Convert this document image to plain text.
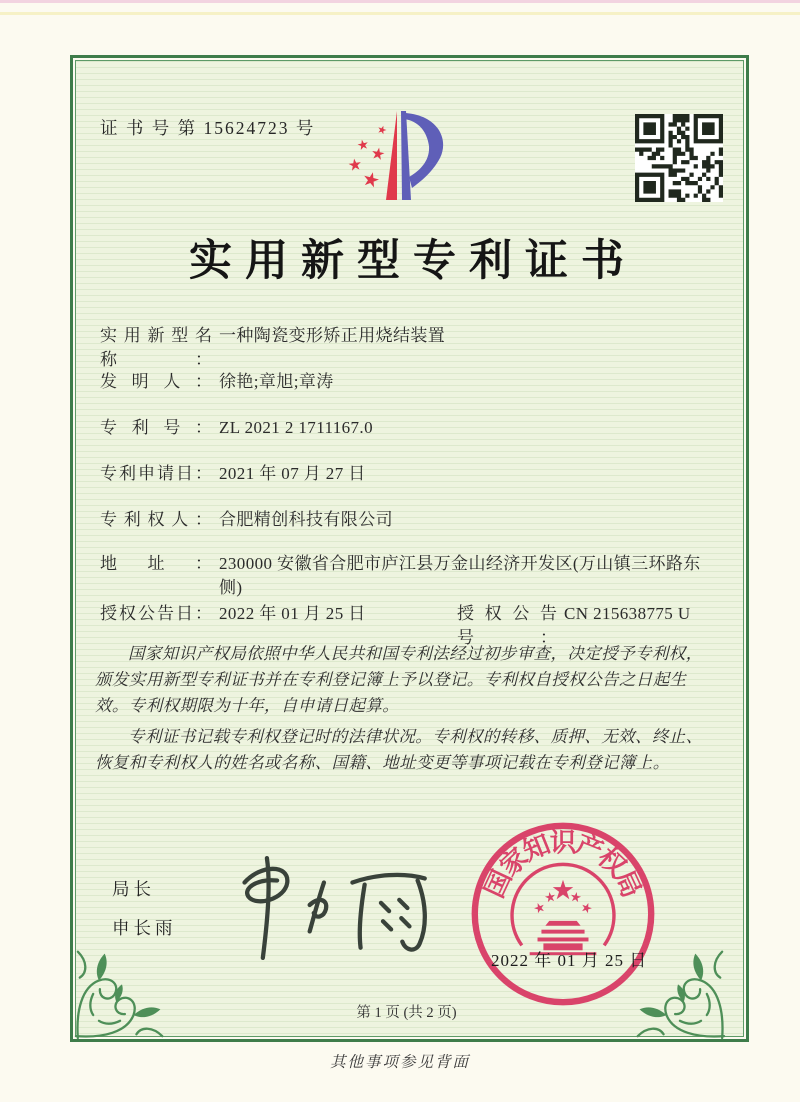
证 书 号 第 15624723 号
实用新型专利证书
实用新型名称：
一种陶瓷变形矫正用烧结装置
发明人： 徐艳;章旭;章涛
专利号： ZL 2021 2 1711167.0
专利申请日： 2021 年 07 月 27 日
专利权人： 合肥精创科技有限公司
地址： 230000 安徽省合肥市庐江县万金山经济开发区(万山镇三环路东侧)
授权公告日： 2022 年 01 月 25 日	授权公告号：
CN 215638775 U

国家知识产权局依照中华人民共和国专利法经过初步审查，决定授予专利权，颁发实用新型专利证书并在专利登记簿上予以登记。专利权自授权公告之日起生效。专利权期限为十年，自申请日起算。

专利证书记载专利权登记时的法律状况。专利权的转移、质押、无效、终止、恢复和专利权人的姓名或名称、国籍、地址变更等事项记载在专利登记簿上。

局长
申长雨
国
家
知
识
产
权
局
2022 年 01 月 25 日
第 1 页 (共 2 页)
其他事项参见背面
